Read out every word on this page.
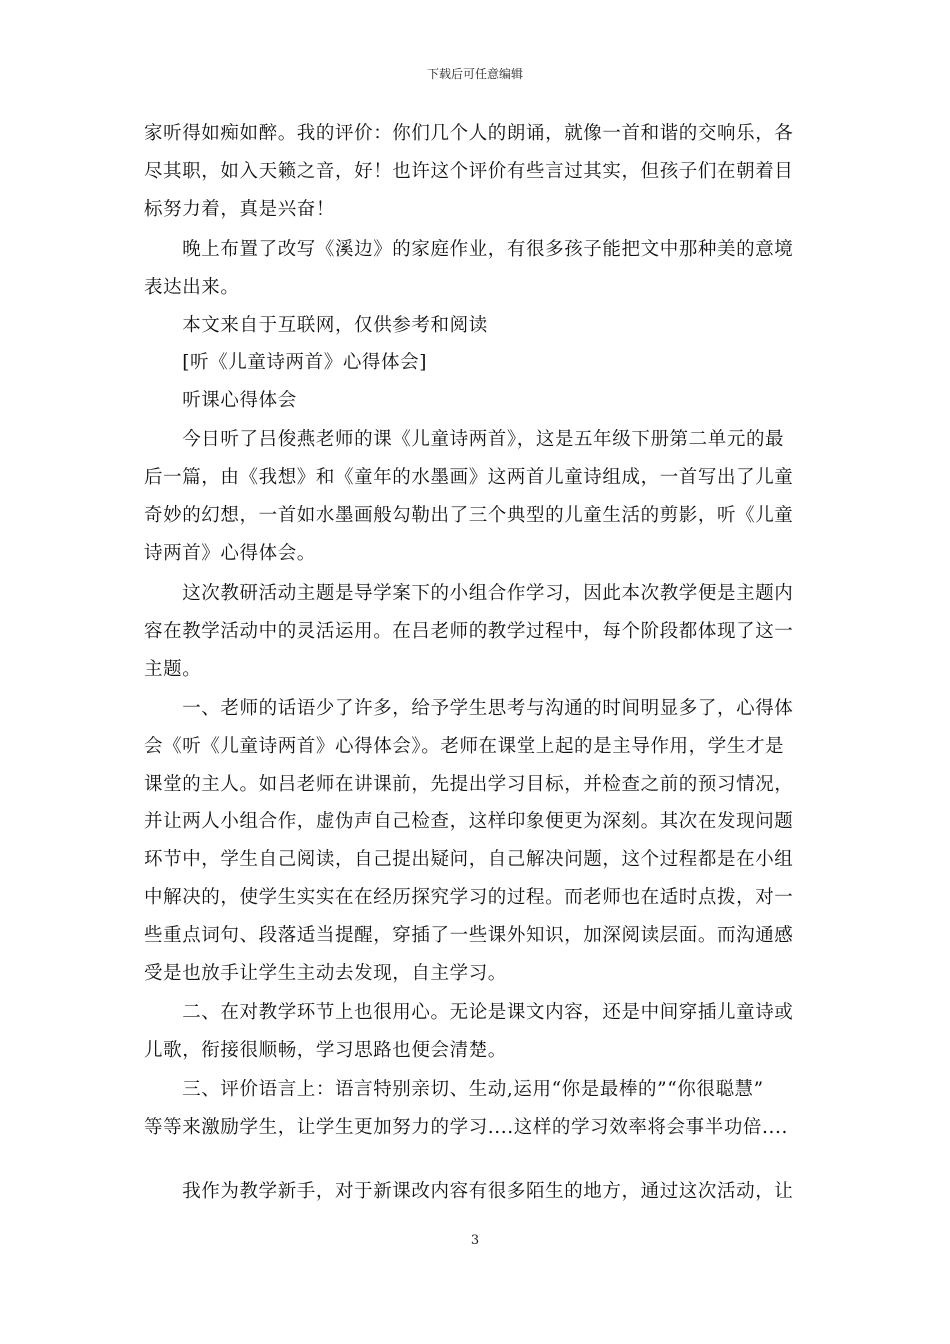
下载后可任意编辑
家听得如痴如醉。我的评价：你们几个人的朗诵，就像一首和谐的交响乐，各
尽其职，如入天籁之音，好！也许这个评价有些言过其实，但孩子们在朝着目
标努力着，真是兴奋！
　　晚上布置了改写《溪边》的家庭作业，有很多孩子能把文中那种美的意境
表达出来。
　　本文来自于互联网，仅供参考和阅读
　　[听《儿童诗两首》心得体会]
　　听课心得体会
　　今日听了吕俊燕老师的课《儿童诗两首》，这是五年级下册第二单元的最
后一篇，由《我想》和《童年的水墨画》这两首儿童诗组成，一首写出了儿童
奇妙的幻想，一首如水墨画般勾勒出了三个典型的儿童生活的剪影，听《儿童
诗两首》心得体会。
　　这次教研活动主题是导学案下的小组合作学习，因此本次教学便是主题内
容在教学活动中的灵活运用。在吕老师的教学过程中，每个阶段都体现了这一
主题。
　　一、老师的话语少了许多，给予学生思考与沟通的时间明显多了，心得体
会《听《儿童诗两首》心得体会》。老师在课堂上起的是主导作用，学生才是
课堂的主人。如吕老师在讲课前，先提出学习目标，并检查之前的预习情况，
并让两人小组合作，虚伪声自己检查，这样印象便更为深刻。其次在发现问题
环节中，学生自己阅读，自己提出疑问，自己解决问题，这个过程都是在小组
中解决的，使学生实实在在经历探究学习的过程。而老师也在适时点拨，对一
些重点词句、段落适当提醒，穿插了一些课外知识，加深阅读层面。而沟通感
受是也放手让学生主动去发现，自主学习。
　　二、在对教学环节上也很用心。无论是课文内容，还是中间穿插儿童诗或
儿歌，衔接很顺畅，学习思路也便会清楚。
　　三、评价语言上：语言特别亲切、生动,运用“你是最棒的”“你很聪慧”
等等来激励学生，让学生更加努力的学习....这样的学习效率将会事半功倍....
　　我作为教学新手，对于新课改内容有很多陌生的地方，通过这次活动，让
3
